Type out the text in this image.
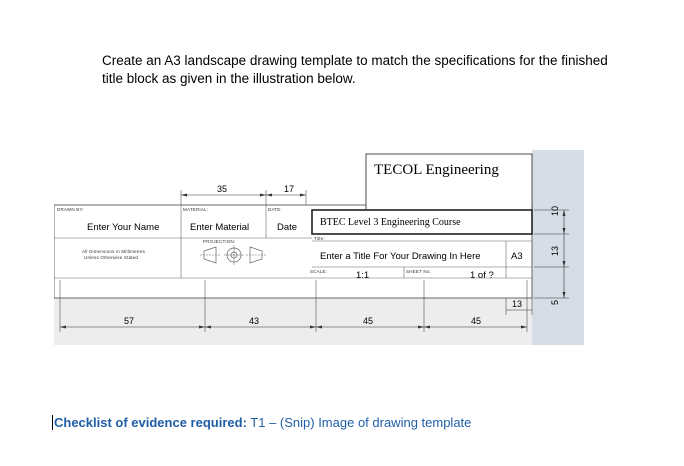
Create an A3 landscape drawing template to match the specifications for the finished
title block as given in the illustration below.
TECOL Engineering
BTEC Level 3 Engineering Course
35	17
DRAWN BY:
Enter Your Name
MATERIAL:
Enter Material
DATE:
Date
Title:
Enter a Title For Your Drawing In Here	A3
All Dimensions in Millimetres
Unless Otherwise Stated
PROJECTION:
SCALE:	1:1	SHEET No:	1 of ?
57	43	45	45
13
10
13
5
Checklist of evidence required: T1 – (Snip) Image of drawing template
